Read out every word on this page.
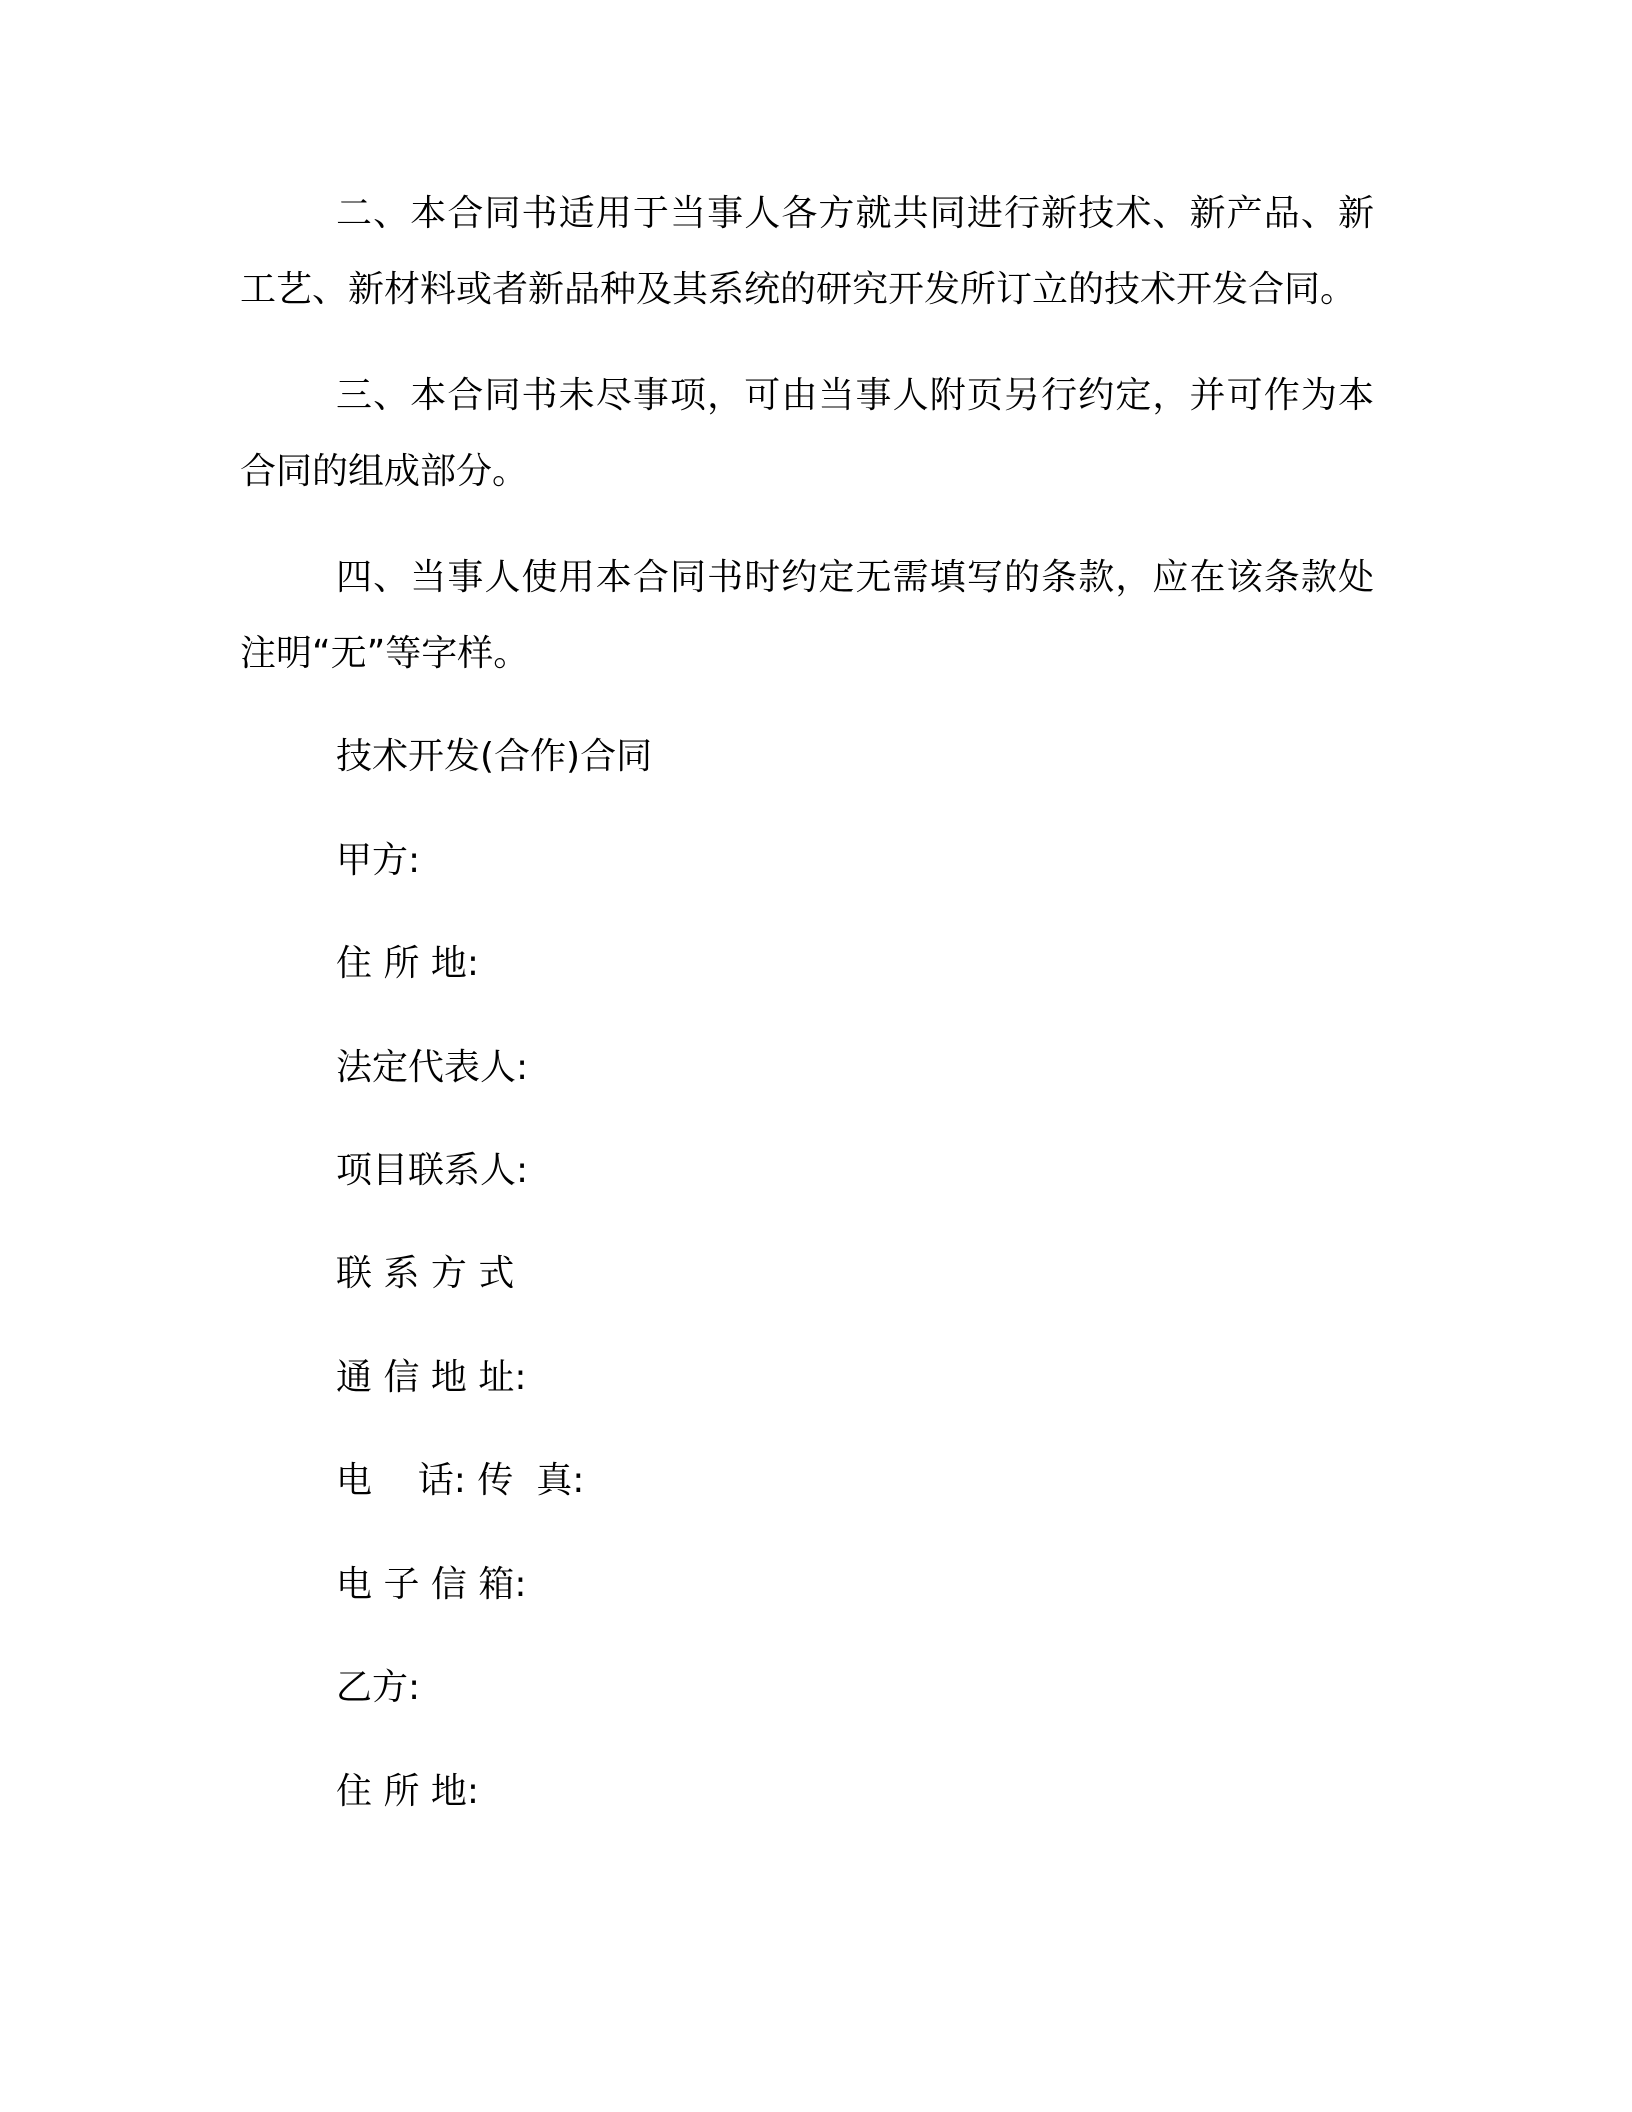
二、本合同书适用于当事人各方就共同进行新技术、新产品、新工艺、新材料或者新品种及其系统的研究开发所订立的技术开发合同。

三、本合同书未尽事项，可由当事人附页另行约定，并可作为本合同的组成部分。

四、当事人使用本合同书时约定无需填写的条款，应在该条款处注明“无”等字样。

技术开发(合作)合同
甲方:
住 所 地:
法定代表人:
项目联系人:
联 系 方 式
通 信 地 址:
电    话: 传  真:
电 子 信 箱:
乙方:
住 所 地:
